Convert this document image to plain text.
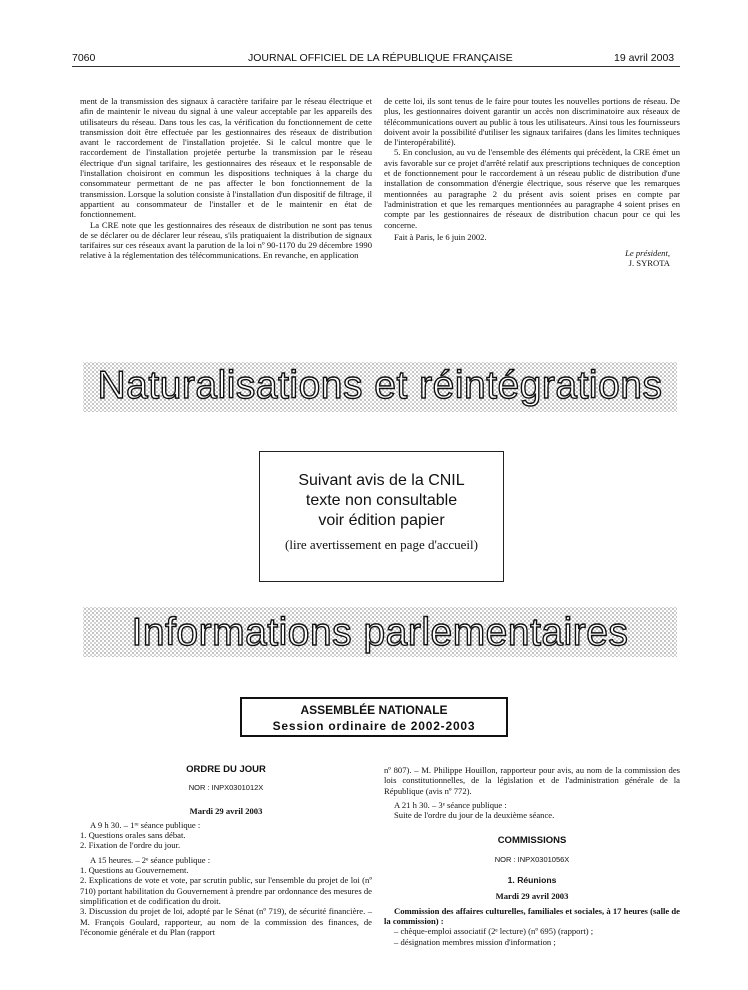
7060	JOURNAL OFFICIEL DE LA RÉPUBLIQUE FRANÇAISE	19 avril 2003

ment de la transmission des signaux à caractère tarifaire par le réseau électrique et afin de maintenir le niveau du signal à une valeur acceptable par les appareils des utilisateurs du réseau. Dans tous les cas, la vérification du fonctionnement de cette transmission doit être effectuée par les gestionnaires des réseaux de distribution avant le raccordement de l'installation projetée. Si le calcul montre que le raccordement de l'installation projetée perturbe la transmission par le réseau électrique d'un signal tarifaire, les gestionnaires des réseaux et le responsable de l'installation choisiront en commun les dispositions techniques à la charge du consommateur permettant de ne pas affecter le bon fonctionnement de la transmission. Lorsque la solution consiste à l'installation d'un dispositif de filtrage, il appartient au consommateur de l'installer et de le maintenir en état de fonctionnement.

La CRE note que les gestionnaires des réseaux de distribution ne sont pas tenus de se déclarer ou de déclarer leur réseau, s'ils pratiquaient la distribution de signaux tarifaires sur ces réseaux avant la parution de la loi nº 90-1170 du 29 décembre 1990 relative à la réglementation des télécommunications. En revanche, en application

de cette loi, ils sont tenus de le faire pour toutes les nouvelles portions de réseau. De plus, les gestionnaires doivent garantir un accès non discriminatoire aux réseaux de télécommunications ouvert au public à tous les utilisateurs. Ainsi tous les fournisseurs doivent avoir la possibilité d'utiliser les signaux tarifaires (dans les limites techniques de l'interopérabilité).

5. En conclusion, au vu de l'ensemble des éléments qui précèdent, la CRE émet un avis favorable sur ce projet d'arrêté relatif aux prescriptions techniques de conception et de fonctionnement pour le raccordement à un réseau public de distribution d'une installation de consommation d'énergie électrique, sous réserve que les remarques mentionnées au paragraphe 2 du présent avis soient prises en compte par l'administration et que les remarques mentionnées au paragraphe 4 soient prises en compte par les gestionnaires de réseaux de distribution chacun pour ce qui les concerne.

Fait à Paris, le 6 juin 2002.

Le président,

J. SYROTA

Naturalisations et réintégrations
Suivant avis de la CNIL
texte non consultable
voir édition papier
(lire avertissement en page d'accueil)
Informations parlementaires
ASSEMBLÉE NATIONALE
Session ordinaire de 2002-2003

ORDRE DU JOUR

NOR : INPX0301012X

Mardi 29 avril 2003

A 9 h 30. – 1ʳᵉ séance publique :

1. Questions orales sans débat.

2. Fixation de l'ordre du jour.

A 15 heures. – 2ᵉ séance publique :

1. Questions au Gouvernement.

2. Explications de vote et vote, par scrutin public, sur l'ensemble du projet de loi (nº 710) portant habilitation du Gouvernement à prendre par ordonnance des mesures de simplification et de codification du droit.

3. Discussion du projet de loi, adopté par le Sénat (nº 719), de sécurité financière. – M. François Goulard, rapporteur, au nom de la commission des finances, de l'économie générale et du Plan (rapport

nº 807). – M. Philippe Houillon, rapporteur pour avis, au nom de la commission des lois constitutionnelles, de la législation et de l'administration générale de la République (avis nº 772).

A 21 h 30. – 3ᵉ séance publique :

Suite de l'ordre du jour de la deuxième séance.

COMMISSIONS

NOR : INPX0301056X

1. Réunions

Mardi 29 avril 2003

Commission des affaires culturelles, familiales et sociales, à 17 heures (salle de la commission) :

– chèque-emploi associatif (2ᵉ lecture) (nº 695) (rapport) ;

– désignation membres mission d'information ;
